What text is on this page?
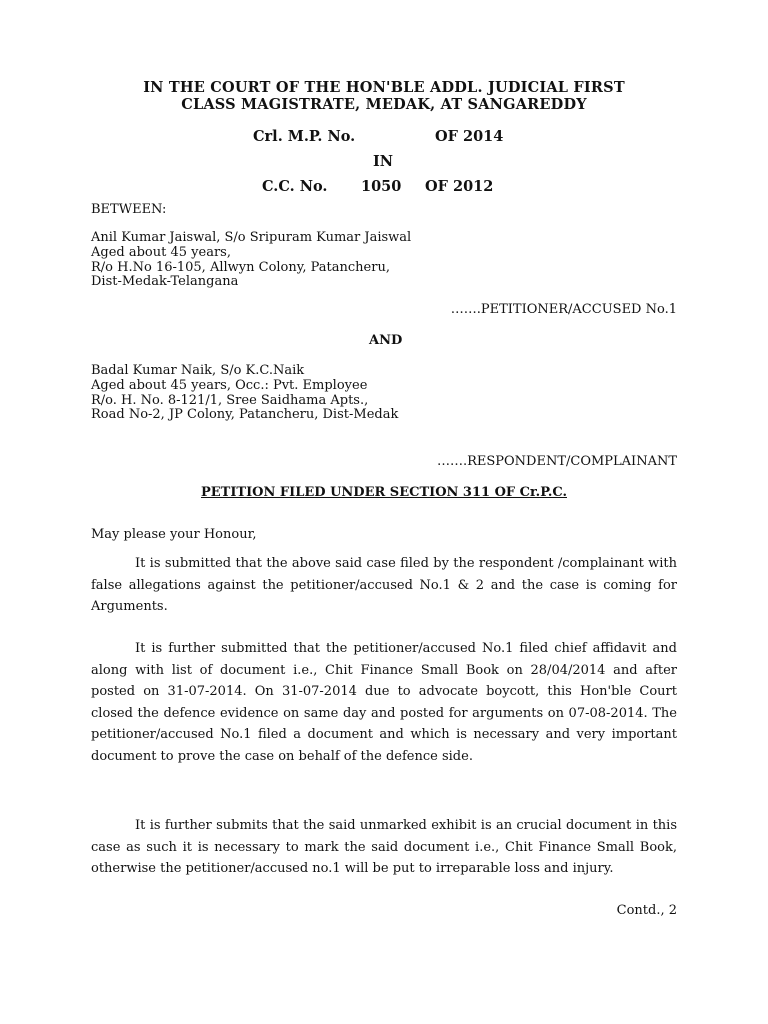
IN THE COURT OF THE HON'BLE ADDL. JUDICIAL FIRST
CLASS MAGISTRATE, MEDAK, AT SANGAREDDY
Crl. M.P. No.	OF 2014
IN
C.C. No. 1050 OF 2012
BETWEEN:
Anil Kumar Jaiswal, S/o Sripuram Kumar Jaiswal
Aged about 45 years,
R/o H.No 16-105, Allwyn Colony, Patancheru,
Dist-Medak-Telangana
…….PETITIONER/ACCUSED No.1
AND
Badal Kumar Naik, S/o K.C.Naik
Aged about 45 years, Occ.: Pvt. Employee
R/o. H. No. 8-121/1, Sree Saidhama Apts.,
Road No-2, JP Colony, Patancheru, Dist-Medak
…….RESPONDENT/COMPLAINANT
PETITION FILED UNDER SECTION 311 OF Cr.P.C.
May please your Honour,
It is submitted that the above said case filed by the respondent /complainant with false allegations against the petitioner/accused No.1 & 2 and the case is coming for Arguments.
It is further submitted that the petitioner/accused No.1 filed chief affidavit and along with list of document i.e., Chit Finance Small Book on 28/04/2014 and after posted on 31-07-2014. On 31-07-2014 due to advocate boycott, this Hon'ble Court closed the defence evidence on same day and posted for arguments on 07-08-2014. The petitioner/accused No.1 filed a document and which is necessary and very important document to prove the case on behalf of the defence side.
It is further submits that the said unmarked exhibit is an crucial document in this case as such it is necessary to mark the said document i.e., Chit Finance Small Book, otherwise the petitioner/accused no.1 will be put to irreparable loss and injury.
Contd., 2
